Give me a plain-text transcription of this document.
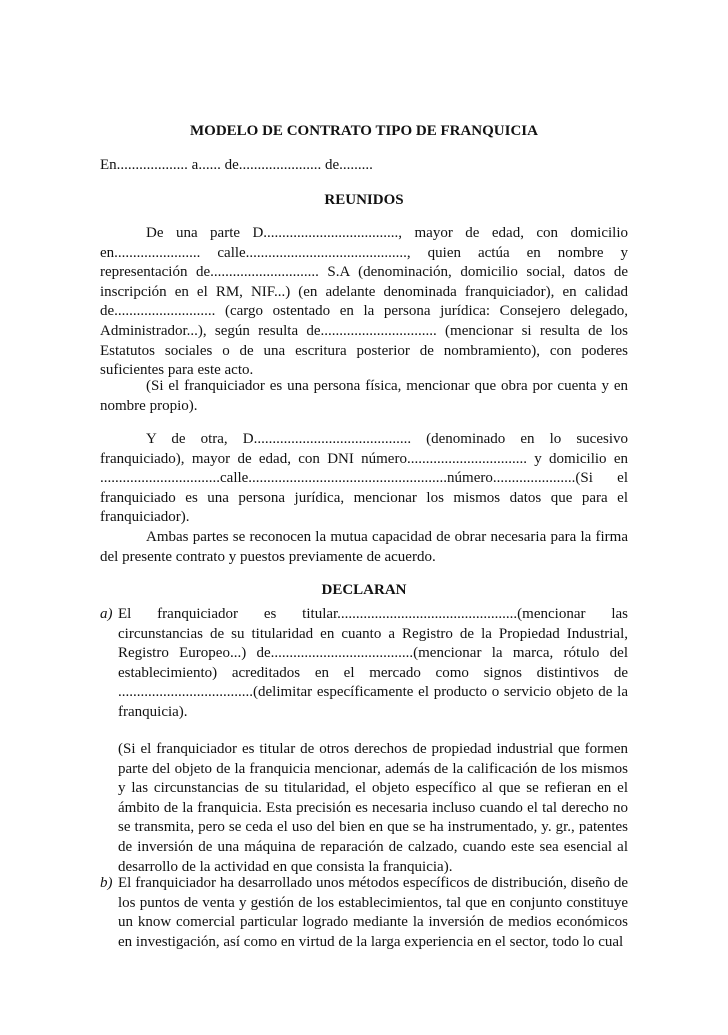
MODELO DE CONTRATO TIPO DE FRANQUICIA
En................... a...... de...................... de.........
REUNIDOS

De una parte D...................................., mayor de edad, con domicilio en....................... calle..........................................., quien actúa en nombre y representación de............................. S.A (denominación, domicilio social, datos de inscripción en el RM, NIF...) (en adelante denominada franquiciador), en calidad de........................... (cargo ostentado en la persona jurídica: Consejero delegado, Administrador...), según resulta de............................... (mencionar si resulta de los Estatutos sociales o de una escritura posterior de nombramiento), con poderes suficientes para este acto.

(Si el franquiciador es una persona física, mencionar que obra por cuenta y en nombre propio).

Y de otra, D.......................................... (denominado en lo sucesivo franquiciado), mayor de edad, con DNI número................................ y domicilio en ................................calle.....................................................número......................(Si el franquiciado es una persona jurídica, mencionar los mismos datos que para el franquiciador).

Ambas partes se reconocen la mutua capacidad de obrar necesaria para la firma del presente contrato y puestos previamente de acuerdo.

DECLARAN
a) El franquiciador es titular................................................(mencionar las circunstancias de su titularidad en cuanto a Registro de la Propiedad Industrial, Registro Europeo...) de......................................(mencionar la marca, rótulo del establecimiento) acreditados en el mercado como signos distintivos de ....................................(delimitar específicamente el producto o servicio objeto de la franquicia).

(Si el franquiciador es titular de otros derechos de propiedad industrial que formen parte del objeto de la franquicia mencionar, además de la calificación de los mismos y las circunstancias de su titularidad, el objeto específico al que se refieran en el ámbito de la franquicia. Esta precisión es necesaria incluso cuando el tal derecho no se transmita, pero se ceda el uso del bien en que se ha instrumentado, y. gr., patentes de inversión de una máquina de reparación de calzado, cuando este sea esencial al desarrollo de la actividad en que consista la franquicia).

b) El franquiciador ha desarrollado unos métodos específicos de distribución, diseño de los puntos de venta y gestión de los establecimientos, tal que en conjunto constituye un know comercial particular logrado mediante la inversión de medios económicos en investigación, así como en virtud de la larga experiencia en el sector, todo lo cual
